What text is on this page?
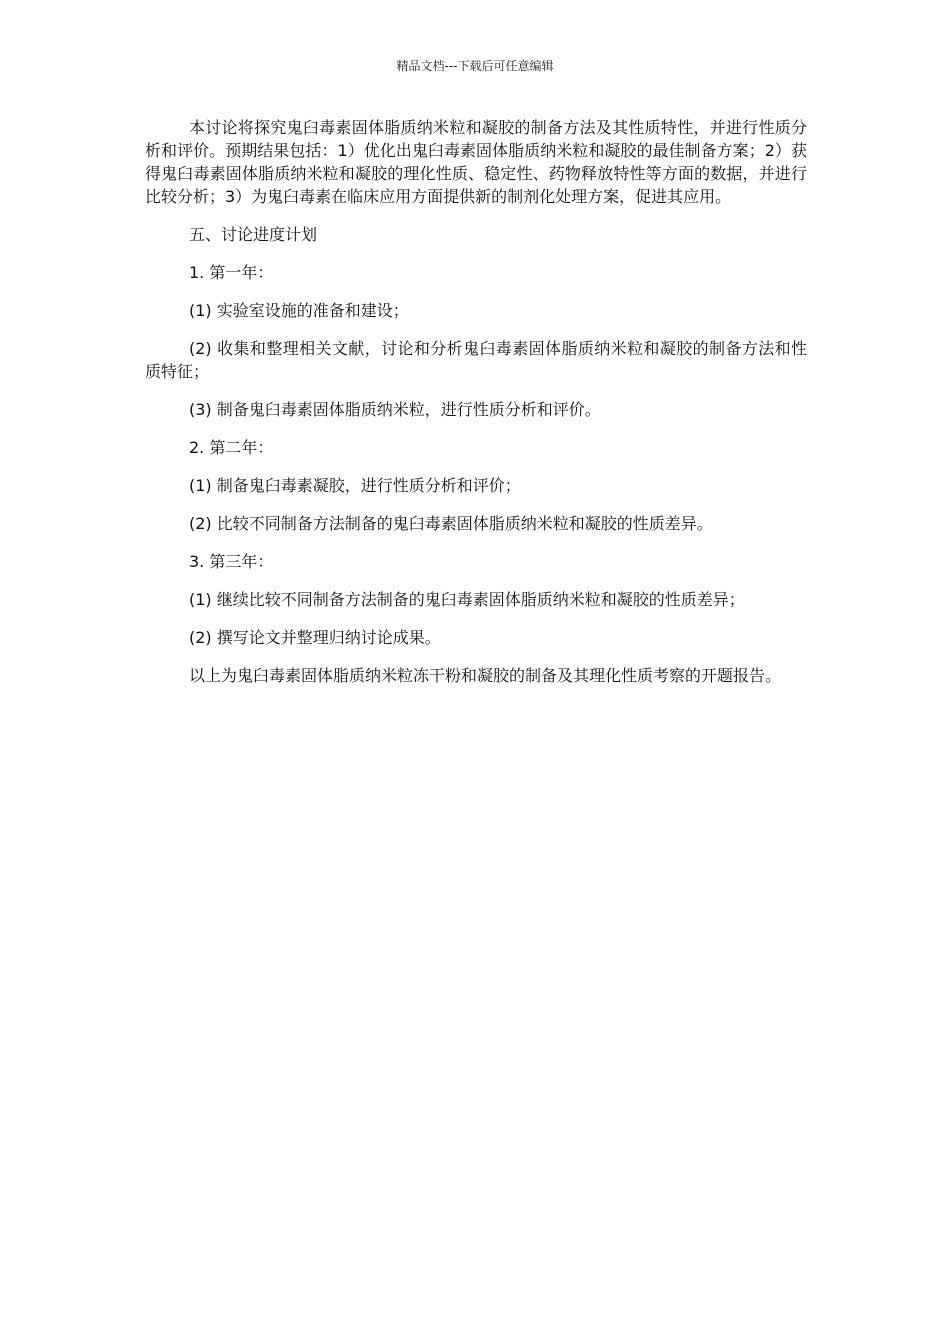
精品文档---下载后可任意编辑

本讨论将探究鬼臼毒素固体脂质纳米粒和凝胶的制备方法及其性质特性，并进行性质分析和评价。预期结果包括：1）优化出鬼臼毒素固体脂质纳米粒和凝胶的最佳制备方案；2）获得鬼臼毒素固体脂质纳米粒和凝胶的理化性质、稳定性、药物释放特性等方面的数据，并进行比较分析；3）为鬼臼毒素在临床应用方面提供新的制剂化处理方案，促进其应用。

五、讨论进度计划

1. 第一年：

(1) 实验室设施的准备和建设；

(2) 收集和整理相关文献，讨论和分析鬼臼毒素固体脂质纳米粒和凝胶的制备方法和性质特征；

(3) 制备鬼臼毒素固体脂质纳米粒，进行性质分析和评价。

2. 第二年：

(1) 制备鬼臼毒素凝胶，进行性质分析和评价；

(2) 比较不同制备方法制备的鬼臼毒素固体脂质纳米粒和凝胶的性质差异。

3. 第三年：

(1) 继续比较不同制备方法制备的鬼臼毒素固体脂质纳米粒和凝胶的性质差异；

(2) 撰写论文并整理归纳讨论成果。

以上为鬼臼毒素固体脂质纳米粒冻干粉和凝胶的制备及其理化性质考察的开题报告。
